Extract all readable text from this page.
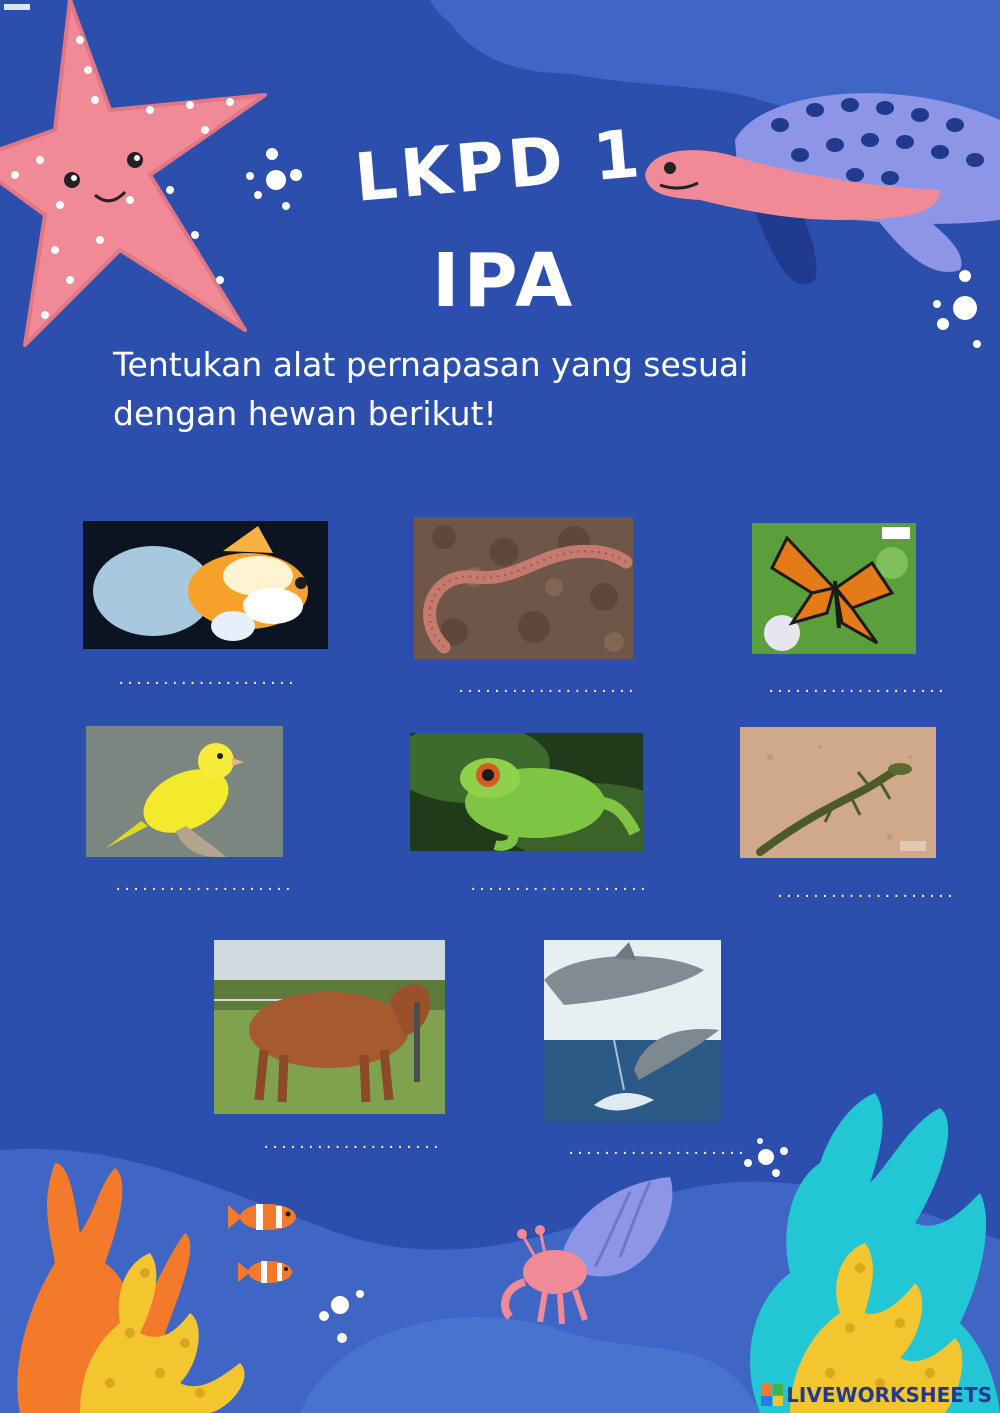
LKPD 1
IPA

Tentukan alat pernapasan yang sesuai dengan hewan berikut!

....................	....................	....................
....................	....................	....................
....................	....................
LIVEWORKSHEETS
